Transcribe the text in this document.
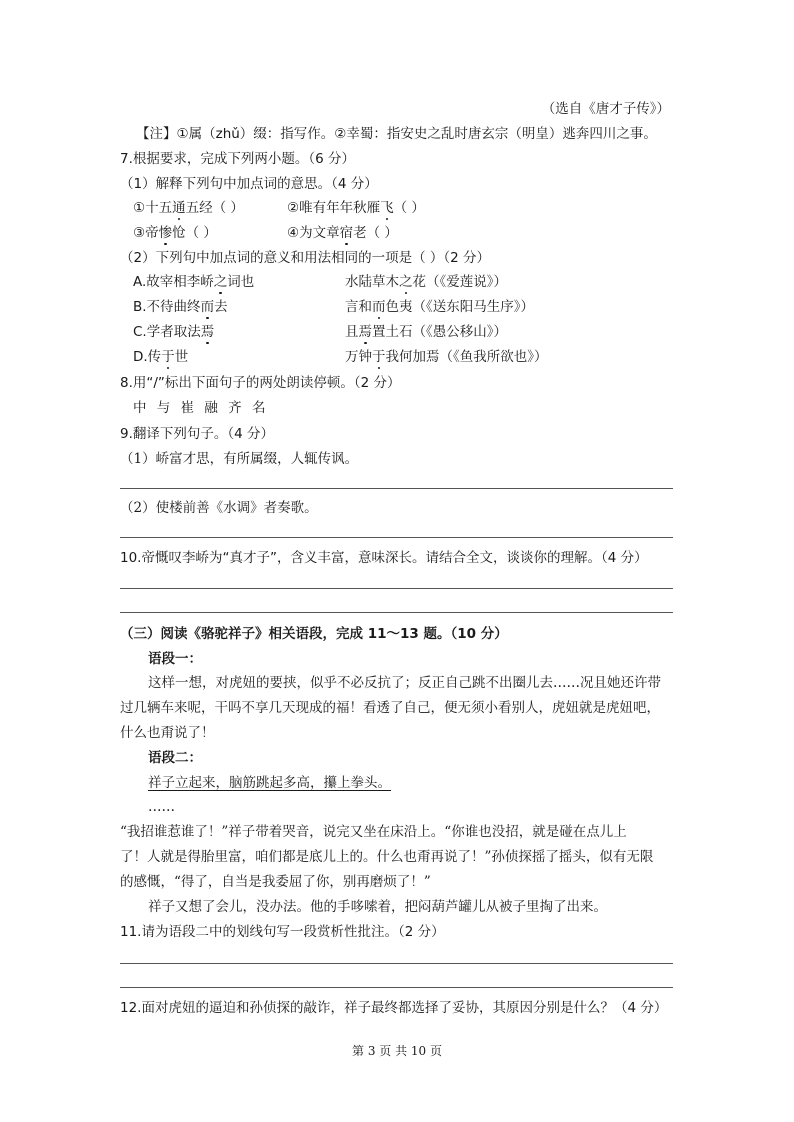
（选自《唐才子传》）
【注】①属（zhǔ）缀：指写作。②幸蜀：指安史之乱时唐玄宗（明皇）逃奔四川之事。
7.根据要求，完成下列两小题。（6 分）
（1）解释下列句中加点词的意思。（4 分）
①十五通五经（ ）	②唯有年年秋雁飞（ ）
③帝惨怆（ ）	④为文章宿老（ ）
（2）下列句中加点词的意义和用法相同的一项是（ ）（2 分）
A.故宰相李峤之词也	水陆草木之花（《爱莲说》）
B.不待曲终而去	言和而色夷（《送东阳马生序》）
C.学者取法焉	且焉置土石（《愚公移山》）
D.传于世	万钟于我何加焉（《鱼我所欲也》）
8.用“/”标出下面句子的两处朗读停顿。（2 分）
中 与 崔 融 齐 名
9.翻译下列句子。（4 分）
（1）峤富才思，有所属缀，人辄传讽。
（2）使楼前善《水调》者奏歌。
10.帝慨叹李峤为“真才子”，含义丰富，意味深长。请结合全文，谈谈你的理解。（4 分）
（三）阅读《骆驼祥子》相关语段，完成 11～13 题。（10 分）
语段一：
这样一想，对虎妞的要挟，似乎不必反抗了；反正自己跳不出圈儿去……况且她还许带
过几辆车来呢，干吗不享几天现成的福！看透了自己，便无须小看别人，虎妞就是虎妞吧，
什么也甭说了！
语段二：
祥子立起来，脑筋跳起多高，攥上拳头。
……
“我招谁惹谁了！”祥子带着哭音，说完又坐在床沿上。“你谁也没招，就是碰在点儿上
了！人就是得胎里富，咱们都是底儿上的。什么也甭再说了！”孙侦探摇了摇头，似有无限
的感慨，“得了，自当是我委屈了你，别再磨烦了！”
祥子又想了会儿，没办法。他的手哆嗦着，把闷葫芦罐儿从被子里掏了出来。
11.请为语段二中的划线句写一段赏析性批注。（2 分）
12.面对虎妞的逼迫和孙侦探的敲诈，祥子最终都选择了妥协，其原因分别是什么？（4 分）
第 3 页 共 10 页
